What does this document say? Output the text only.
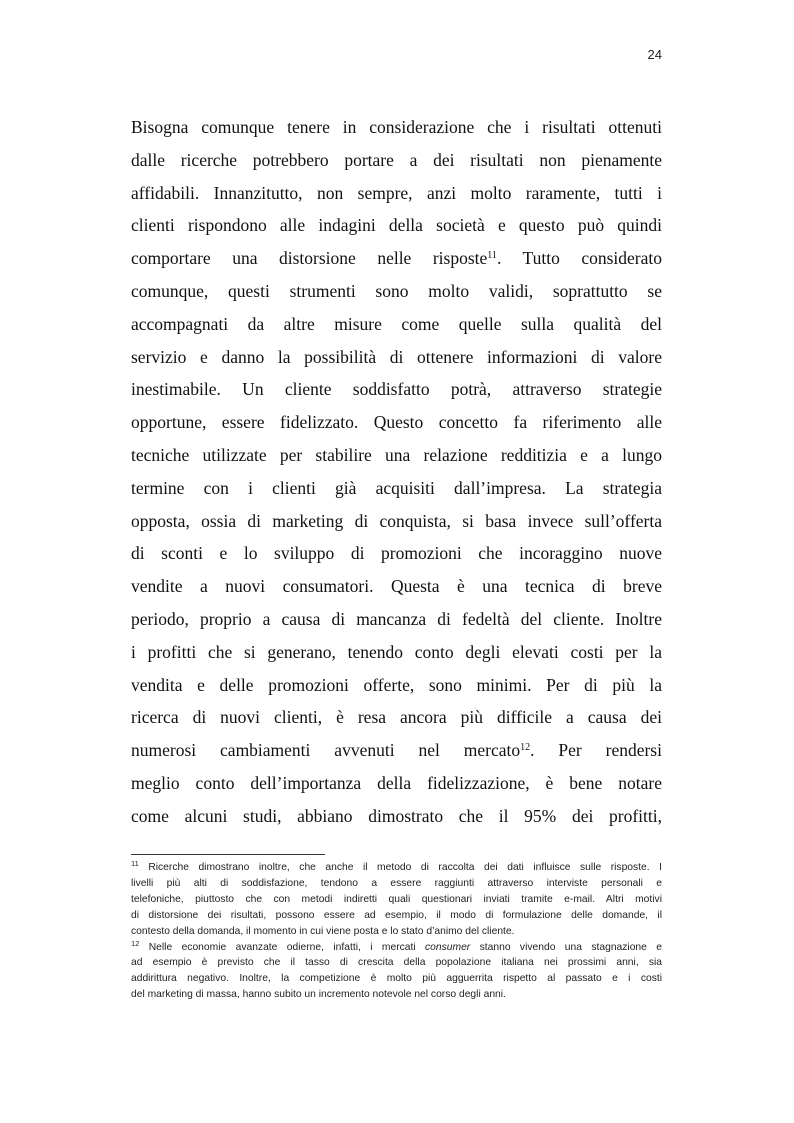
24
Bisogna comunque tenere in considerazione che i risultati ottenuti
dalle ricerche potrebbero portare a dei risultati non pienamente
affidabili. Innanzitutto, non sempre, anzi molto raramente, tutti i
clienti rispondono alle indagini della società e questo può quindi
comportare una distorsione nelle risposte$^{11}$. Tutto considerato
comunque, questi strumenti sono molto validi, soprattutto se
accompagnati da altre misure come quelle sulla qualità del
servizio e danno la possibilità di ottenere informazioni di valore
inestimabile. Un cliente soddisfatto potrà, attraverso strategie
opportune, essere fidelizzato. Questo concetto fa riferimento alle
tecniche utilizzate per stabilire una relazione redditizia e a lungo
termine con i clienti già acquisiti dall’impresa. La strategia
opposta, ossia di marketing di conquista, si basa invece sull’offerta
di sconti e lo sviluppo di promozioni che incoraggino nuove
vendite a nuovi consumatori. Questa è una tecnica di breve
periodo, proprio a causa di mancanza di fedeltà del cliente. Inoltre
i profitti che si generano, tenendo conto degli elevati costi per la
vendita e delle promozioni offerte, sono minimi. Per di più la
ricerca di nuovi clienti, è resa ancora più difficile a causa dei
numerosi cambiamenti avvenuti nel mercato$^{12}$. Per rendersi
meglio conto dell’importanza della fidelizzazione, è bene notare
come alcuni studi, abbiano dimostrato che il 95% dei profitti,
$^{11}$ Ricerche dimostrano inoltre, che anche il metodo di raccolta dei dati influisce sulle risposte. I
livelli più alti di soddisfazione, tendono a essere raggiunti attraverso interviste personali e
telefoniche, piuttosto che con metodi indiretti quali questionari inviati tramite e-mail. Altri motivi
di distorsione dei risultati, possono essere ad esempio, il modo di formulazione delle domande, il
contesto della domanda, il momento in cui viene posta e lo stato d’animo del cliente.
$^{12}$ Nelle economie avanzate odierne, infatti, i mercati consumer stanno vivendo una stagnazione e
ad esempio è previsto che il tasso di crescita della popolazione italiana nei prossimi anni, sia
addirittura negativo. Inoltre, la competizione è molto più agguerrita rispetto al passato e i costi
del marketing di massa, hanno subito un incremento notevole nel corso degli anni.
